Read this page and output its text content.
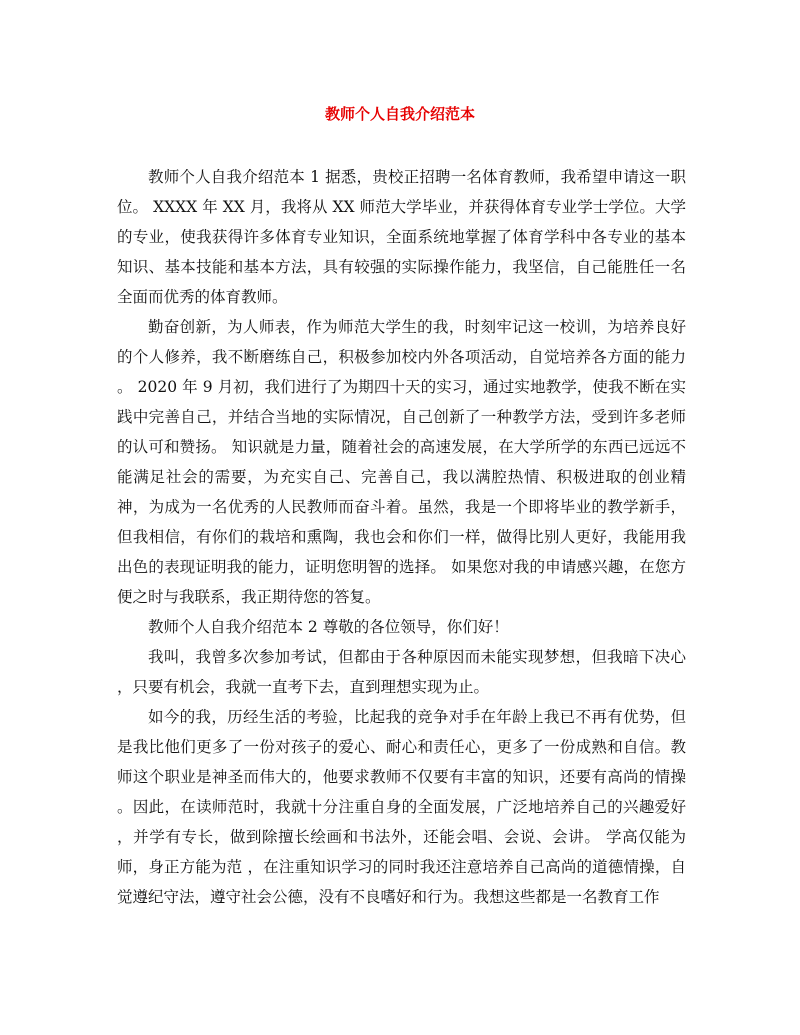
教师个人自我介绍范本

教师个人自我介绍范本 1 据悉，贵校正招聘一名体育教师，我希望申请这一职位。 XXXX 年 XX 月，我将从 XX 师范大学毕业，并获得体育专业学士学位。大学的专业，使我获得许多体育专业知识，全面系统地掌握了体育学科中各专业的基本知识、基本技能和基本方法，具有较强的实际操作能力，我坚信，自己能胜任一名全面而优秀的体育教师。

勤奋创新，为人师表，作为师范大学生的我，时刻牢记这一校训，为培养良好的个人修养，我不断磨练自己，积极参加校内外各项活动，自觉培养各方面的能力 。 2020 年 9 月初，我们进行了为期四十天的实习，通过实地教学，使我不断在实践中完善自己，并结合当地的实际情况，自己创新了一种教学方法，受到许多老师的认可和赞扬。 知识就是力量，随着社会的高速发展，在大学所学的东西已远远不能满足社会的需要，为充实自己、完善自己，我以满腔热情、积极进取的创业精神，为成为一名优秀的人民教师而奋斗着。虽然，我是一个即将毕业的教学新手，但我相信，有你们的栽培和熏陶，我也会和你们一样，做得比别人更好，我能用我出色的表现证明我的能力，证明您明智的选择。 如果您对我的申请感兴趣，在您方便之时与我联系，我正期待您的答复。

教师个人自我介绍范本 2 尊敬的各位领导，你们好！

我叫，我曾多次参加考试，但都由于各种原因而未能实现梦想，但我暗下决心 ，只要有机会，我就一直考下去，直到理想实现为止。

如今的我，历经生活的考验，比起我的竞争对手在年龄上我已不再有优势，但是我比他们更多了一份对孩子的爱心、耐心和责任心，更多了一份成熟和自信。教师这个职业是神圣而伟大的，他要求教师不仅要有丰富的知识，还要有高尚的情操 。因此，在读师范时，我就十分注重自身的全面发展，广泛地培养自己的兴趣爱好 ，并学有专长，做到除擅长绘画和书法外，还能会唱、会说、会讲。 学高仅能为师，身正方能为范 ，在注重知识学习的同时我还注意培养自己高尚的道德情操，自觉遵纪守法，遵守社会公德，没有不良嗜好和行为。我想这些都是一名教育工作
